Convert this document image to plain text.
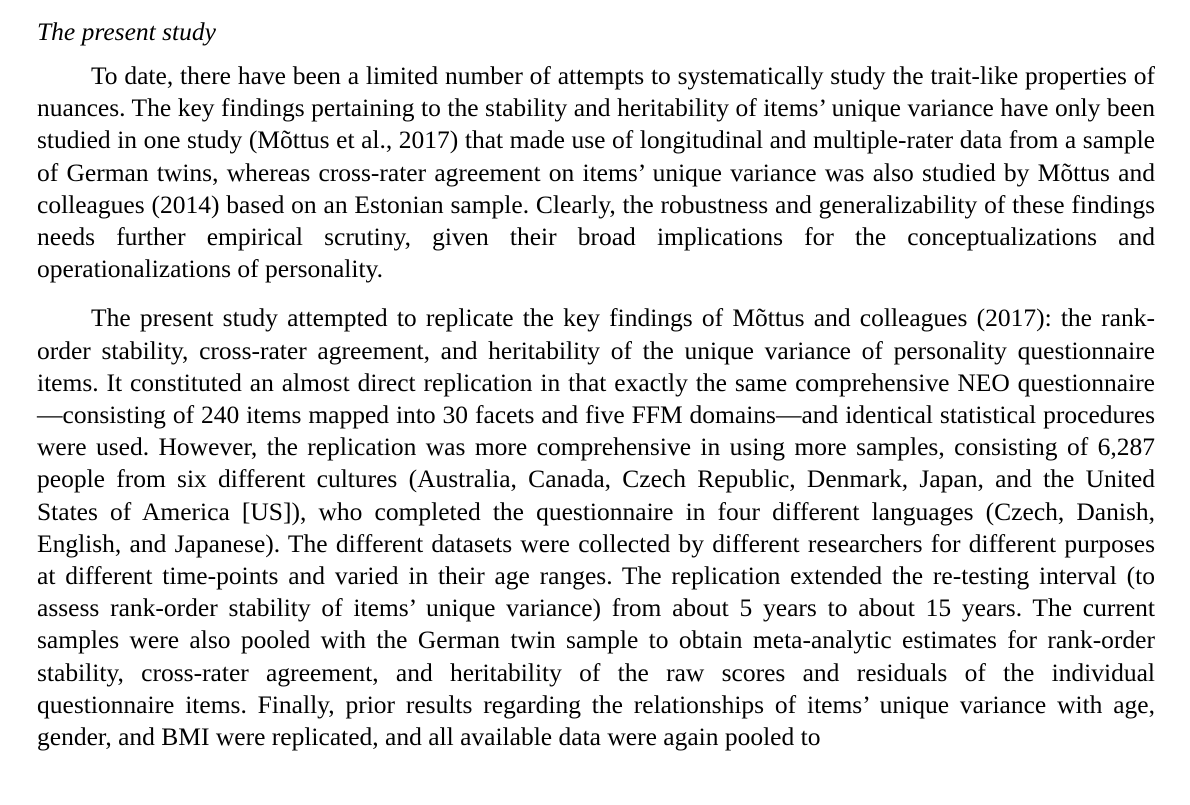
The present study

To date, there have been a limited number of attempts to systematically study the trait-like properties of nuances. The key findings pertaining to the stability and heritability of items’ unique variance have only been studied in one study (Mõttus et al., 2017) that made use of longitudinal and multiple-rater data from a sample of German twins, whereas cross-rater agreement on items’ unique variance was also studied by Mõttus and colleagues (2014) based on an Estonian sample. Clearly, the robustness and generalizability of these findings needs further empirical scrutiny, given their broad implications for the conceptualizations and operationalizations of personality.

The present study attempted to replicate the key findings of Mõttus and colleagues (2017): the rank-order stability, cross-rater agreement, and heritability of the unique variance of personality questionnaire items. It constituted an almost direct replication in that exactly the same comprehensive NEO questionnaire—consisting of 240 items mapped into 30 facets and five FFM domains—and identical statistical procedures were used. However, the replication was more comprehensive in using more samples, consisting of 6,287 people from six different cultures (Australia, Canada, Czech Republic, Denmark, Japan, and the United States of America [US]), who completed the questionnaire in four different languages (Czech, Danish, English, and Japanese). The different datasets were collected by different researchers for different purposes at different time-points and varied in their age ranges. The replication extended the re-testing interval (to assess rank-order stability of items’ unique variance) from about 5 years to about 15 years. The current samples were also pooled with the German twin sample to obtain meta-analytic estimates for rank-order stability, cross-rater agreement, and heritability of the raw scores and residuals of the individual questionnaire items. Finally, prior results regarding the relationships of items’ unique variance with age, gender, and BMI were replicated, and all available data were again pooled to
